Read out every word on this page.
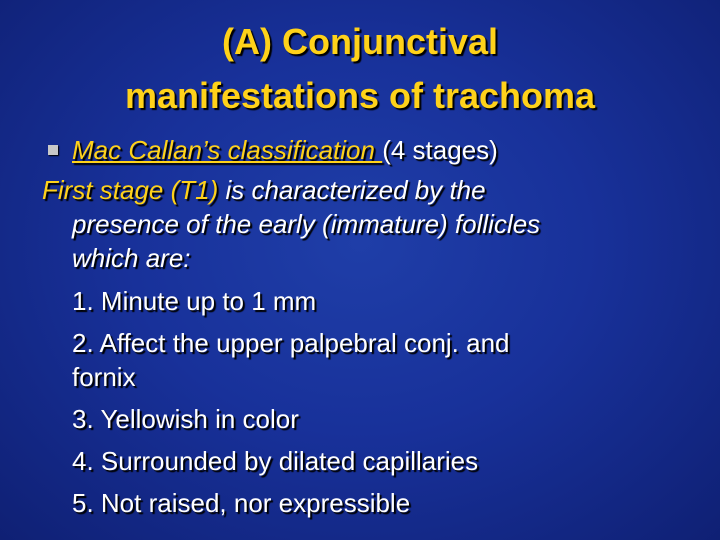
(A) Conjunctival
manifestations of trachoma
Mac Callan’s classification (4 stages)
First stage (T1) is characterized by the
presence of the early (immature) follicles
which are:
1. Minute up to 1 mm
2. Affect the upper palpebral conj. and
fornix
3. Yellowish in color
4. Surrounded by dilated capillaries
5. Not raised, nor expressible
